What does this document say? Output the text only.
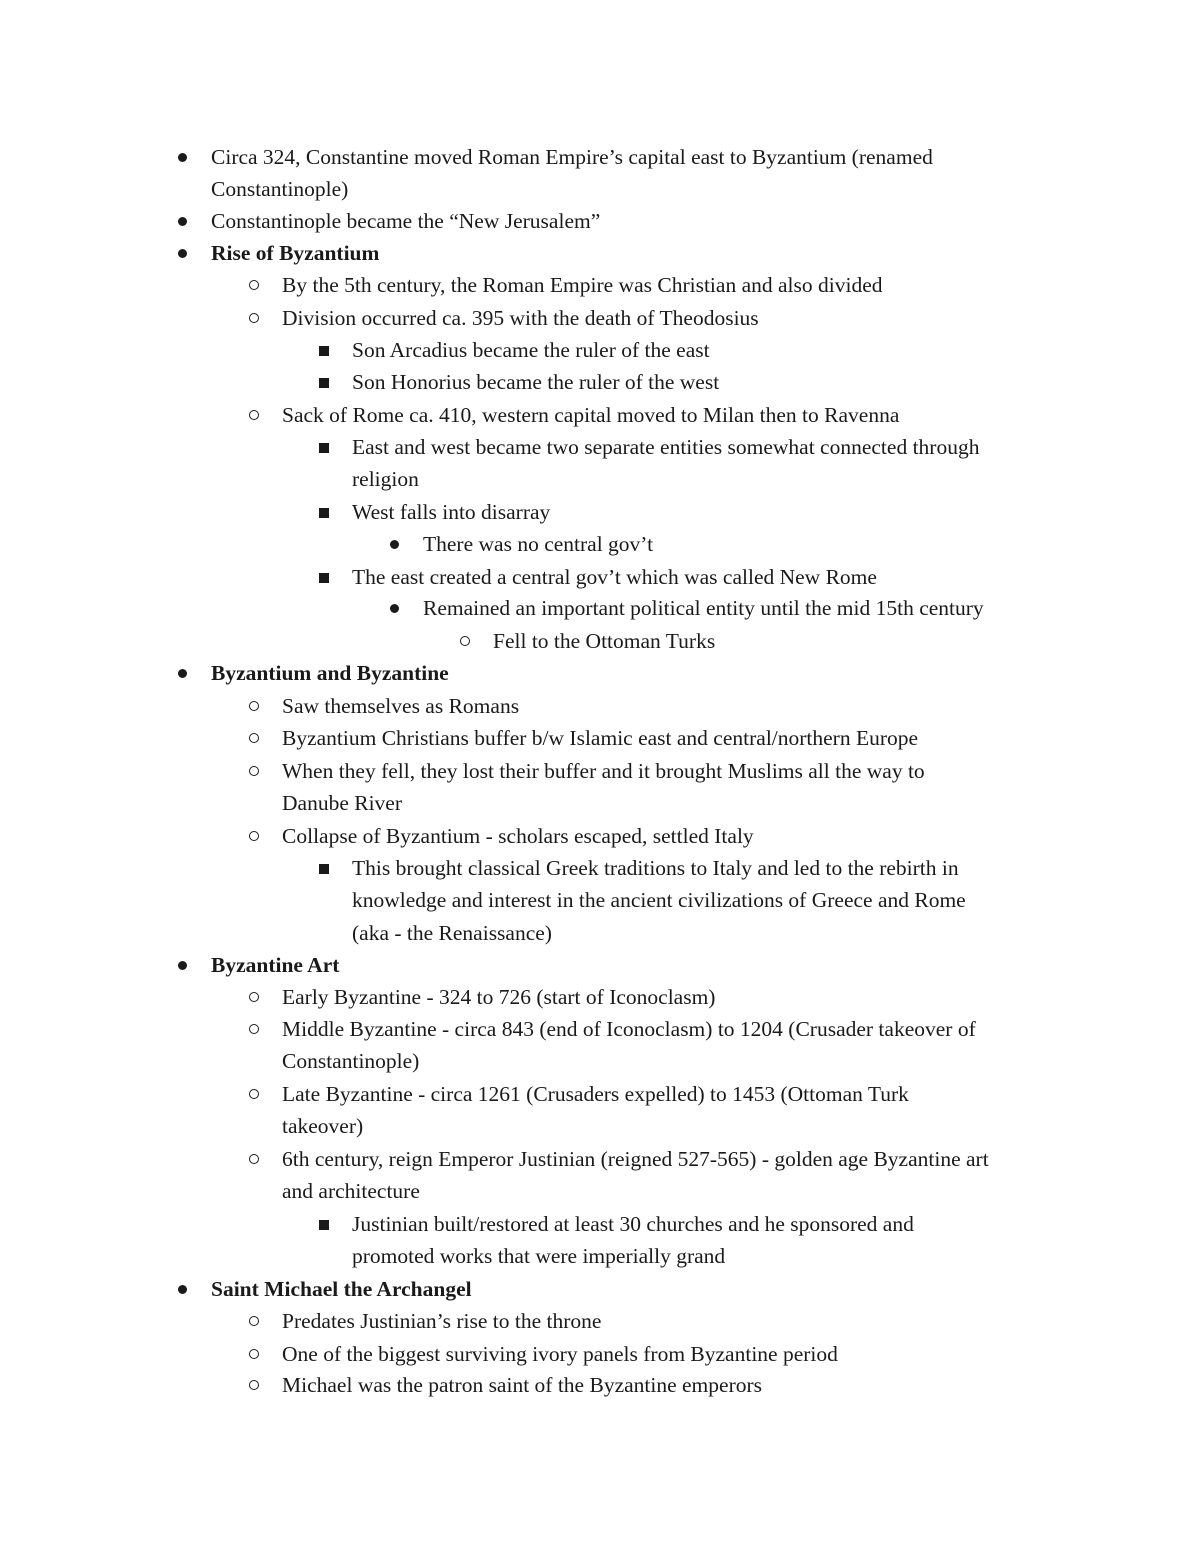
Circa 324, Constantine moved Roman Empire’s capital east to Byzantium (renamed
Constantinople)
Constantinople became the “New Jerusalem”
Rise of Byzantium
By the 5th century, the Roman Empire was Christian and also divided
Division occurred ca. 395 with the death of Theodosius
Son Arcadius became the ruler of the east
Son Honorius became the ruler of the west
Sack of Rome ca. 410, western capital moved to Milan then to Ravenna
East and west became two separate entities somewhat connected through
religion
West falls into disarray
There was no central gov’t
The east created a central gov’t which was called New Rome
Remained an important political entity until the mid 15th century
Fell to the Ottoman Turks
Byzantium and Byzantine
Saw themselves as Romans
Byzantium Christians buffer b/w Islamic east and central/northern Europe
When they fell, they lost their buffer and it brought Muslims all the way to
Danube River
Collapse of Byzantium - scholars escaped, settled Italy
This brought classical Greek traditions to Italy and led to the rebirth in
knowledge and interest in the ancient civilizations of Greece and Rome
(aka - the Renaissance)
Byzantine Art
Early Byzantine - 324 to 726 (start of Iconoclasm)
Middle Byzantine - circa 843 (end of Iconoclasm) to 1204 (Crusader takeover of
Constantinople)
Late Byzantine - circa 1261 (Crusaders expelled) to 1453 (Ottoman Turk
takeover)
6th century, reign Emperor Justinian (reigned 527-565) - golden age Byzantine art
and architecture
Justinian built/restored at least 30 churches and he sponsored and
promoted works that were imperially grand
Saint Michael the Archangel
Predates Justinian’s rise to the throne
One of the biggest surviving ivory panels from Byzantine period
Michael was the patron saint of the Byzantine emperors
